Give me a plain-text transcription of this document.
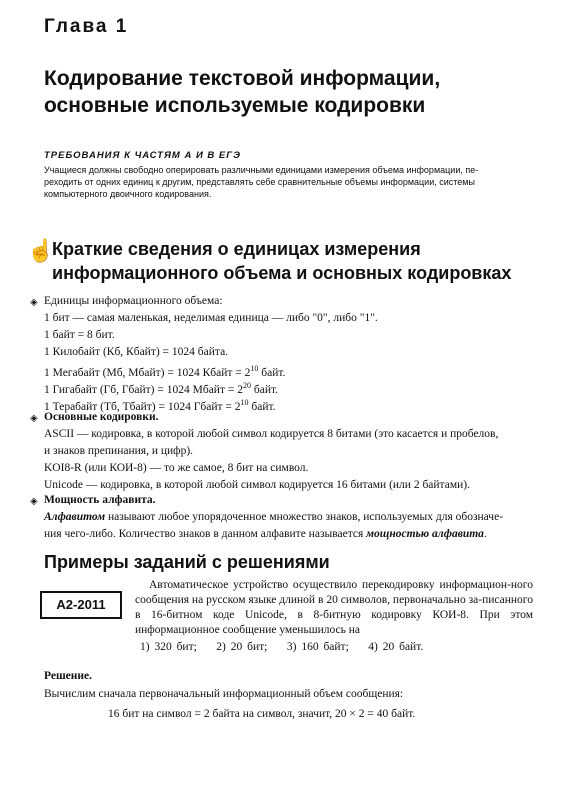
Глава 1
Кодирование текстовой информации,
основные используемые кодировки
ТРЕБОВАНИЯ К ЧАСТЯМ А И В ЕГЭ
Учащиеся должны свободно оперировать различными единицами измерения объема информации, пе-
реходить от одних единиц к другим, представлять себе сравнительные объемы информации, системы
компьютерного двоичного кодирования.
☝
Краткие сведения о единицах измерения
информационного объема и основных кодировках
◈ Единицы информационного объема:
1 бит — самая маленькая, неделимая единица — либо "0", либо "1".
1 байт = 8 бит.
1 Килобайт (Кб, Кбайт) = 1024 байта.
1 Мегабайт (Мб, Мбайт) = 1024 Кбайт = $2^{10}$ байт.
1 Гигабайт (Гб, Гбайт) = 1024 Мбайт = $2^{20}$ байт.
1 Терабайт (Тб, Тбайт) = 1024 Гбайт = $2^{10}$ байт.
◈ Основные кодировки.
ASCII — кодировка, в которой любой символ кодируется 8 битами (это касается и пробелов,
и знаков препинания, и цифр).
KOI8-R (или КОИ-8) — то же самое, 8 бит на символ.
Unicode — кодировка, в которой любой символ кодируется 16 битами (или 2 байтами).
◈ Мощность алфавита.
Алфавитом называют любое упорядоченное множество знаков, используемых для обозначе-
ния чего-либо. Количество знаков в данном алфавите называется мощностью алфавита.
Примеры заданий с решениями
А2-2011
Автоматическое устройство осуществило перекодировку информацион-ного сообщения на русском языке длиной в 20 символов, первоначально за-писанного в 16-битном коде Unicode, в 8-битную кодировку КОИ-8. При этом информационное сообщение уменьшилось на
1) 320 бит;    2) 20 бит;    3) 160 байт;    4) 20 байт.
Решение.
Вычислим сначала первоначальный информационный объем сообщения:
16 бит на символ = 2 байта на символ, значит, 20 × 2 = 40 байт.
